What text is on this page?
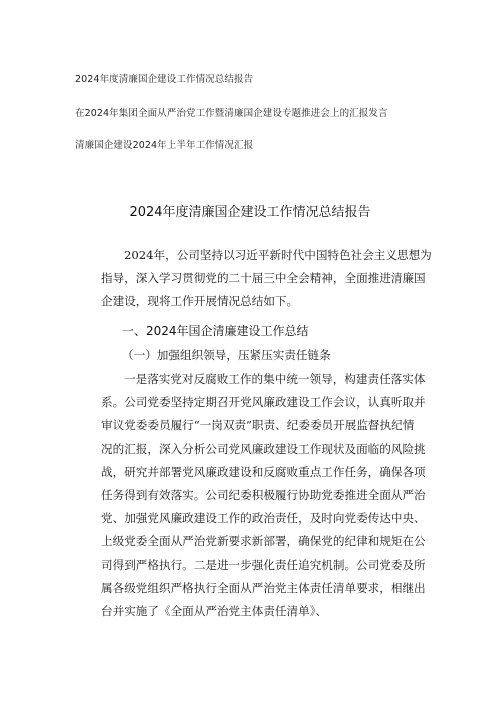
2024年度清廉国企建设工作情况总结报告
在2024年集团全面从严治党工作暨清廉国企建设专题推进会上的汇报发言
清廉国企建设2024年上半年工作情况汇报
2024年度清廉国企建设工作情况总结报告
2024年，公司坚持以习近平新时代中国特色社会主义思想为
指导，深入学习贯彻党的二十届三中全会精神，全面推进清廉国
企建设，现将工作开展情况总结如下。
一、2024年国企清廉建设工作总结
（一）加强组织领导，压紧压实责任链条
一是落实党对反腐败工作的集中统一领导，构建责任落实体
系。公司党委坚持定期召开党风廉政建设工作会议，认真听取并
审议党委委员履行“一岗双责”职责、纪委委员开展监督执纪情
况的汇报，深入分析公司党风廉政建设工作现状及面临的风险挑
战，研究并部署党风廉政建设和反腐败重点工作任务，确保各项
任务得到有效落实。公司纪委积极履行协助党委推进全面从严治
党、加强党风廉政建设工作的政治责任，及时向党委传达中央、
上级党委全面从严治党新要求新部署，确保党的纪律和规矩在公
司得到严格执行。二是进一步强化责任追究机制。公司党委及所
属各级党组织严格执行全面从严治党主体责任清单要求，相继出
台并实施了《全面从严治党主体责任清单》、
